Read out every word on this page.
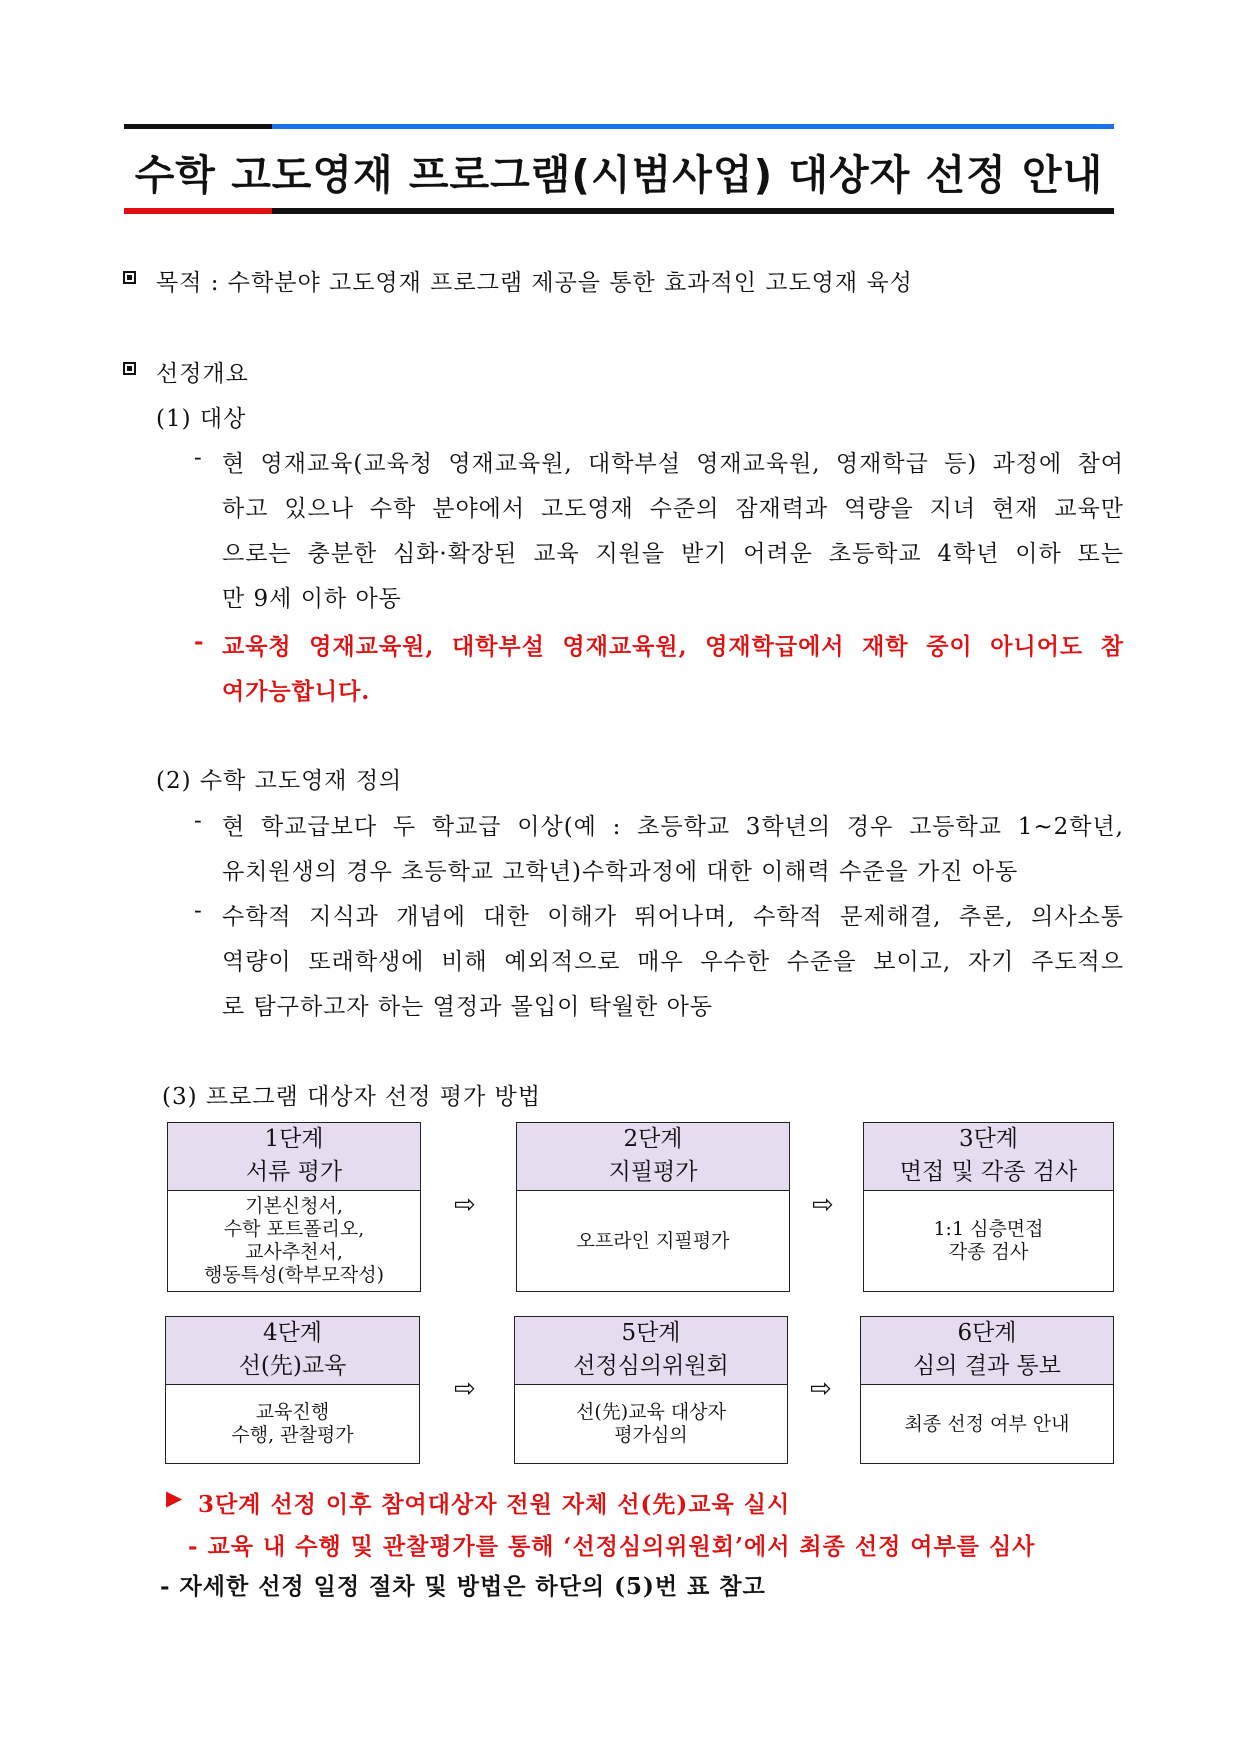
수학 고도영재 프로그램(시범사업) 대상자 선정 안내
목적 : 수학분야 고도영재 프로그램 제공을 통한 효과적인 고도영재 육성
선정개요
(1) 대상
- 현 영재교육(교육청 영재교육원, 대학부설 영재교육원, 영재학급 등) 과정에 참여
하고 있으나 수학 분야에서 고도영재 수준의 잠재력과 역량을 지녀 현재 교육만
으로는 충분한 심화·확장된 교육 지원을 받기 어려운 초등학교 4학년 이하 또는
만 9세 이하 아동
- 교육청 영재교육원, 대학부설 영재교육원, 영재학급에서 재학 중이 아니어도 참
여가능합니다.
(2) 수학 고도영재 정의
- 현 학교급보다 두 학교급 이상(예 : 초등학교 3학년의 경우 고등학교 1~2학년,
유치원생의 경우 초등학교 고학년)수학과정에 대한 이해력 수준을 가진 아동
- 수학적 지식과 개념에 대한 이해가 뛰어나며, 수학적 문제해결, 추론, 의사소통
역량이 또래학생에 비해 예외적으로 매우 우수한 수준을 보이고, 자기 주도적으
로 탐구하고자 하는 열정과 몰입이 탁월한 아동
(3) 프로그램 대상자 선정 평가 방법
1단계
서류 평가
기본신청서,
수학 포트폴리오,
교사추천서,
행동특성(학부모작성)
⇨
2단계
지필평가
오프라인 지필평가
⇨
3단계
면접 및 각종 검사
1:1 심층면접
각종 검사
4단계
선(先)교육
교육진행
수행, 관찰평가
⇨
5단계
선정심의위원회
선(先)교육 대상자
평가심의
⇨
6단계
심의 결과 통보
최종 선정 여부 안내
▶ 3단계 선정 이후 참여대상자 전원 자체 선(先)교육 실시
- 교육 내 수행 및 관찰평가를 통해 ‘선정심의위원회’에서 최종 선정 여부를 심사
- 자세한 선정 일정 절차 및 방법은 하단의 (5)번 표 참고
